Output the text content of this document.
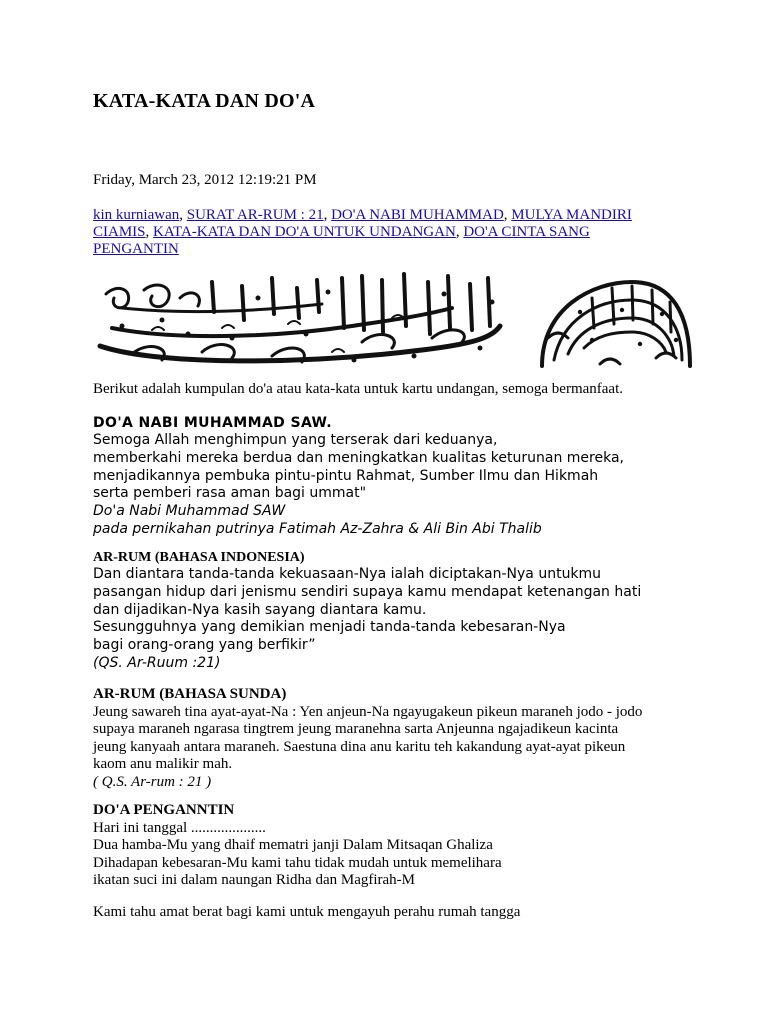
KATA-KATA DAN DO'A
Friday, March 23, 2012 12:19:21 PM
kin kurniawan, SURAT AR-RUM : 21, DO'A NABI MUHAMMAD, MULYA MANDIRI CIAMIS, KATA-KATA DAN DO'A UNTUK UNDANGAN, DO'A CINTA SANG PENGANTIN
Berikut adalah kumpulan do'a atau kata-kata untuk kartu undangan, semoga bermanfaat.
DO'A NABI MUHAMMAD SAW.
Semoga Allah menghimpun yang terserak dari keduanya,
memberkahi mereka berdua dan meningkatkan kualitas keturunan mereka,
menjadikannya pembuka pintu-pintu Rahmat, Sumber Ilmu dan Hikmah
serta pemberi rasa aman bagi ummat"
Do'a Nabi Muhammad SAW
pada pernikahan putrinya Fatimah Az-Zahra & Ali Bin Abi Thalib
AR-RUM (BAHASA INDONESIA)
Dan diantara tanda-tanda kekuasaan-Nya ialah diciptakan-Nya untukmu
pasangan hidup dari jenismu sendiri supaya kamu mendapat ketenangan hati
dan dijadikan-Nya kasih sayang diantara kamu.
Sesungguhnya yang demikian menjadi tanda-tanda kebesaran-Nya
bagi orang-orang yang berfikir”
(QS. Ar-Ruum :21)
AR-RUM (BAHASA SUNDA)
Jeung sawareh tina ayat-ayat-Na : Yen anjeun-Na ngayugakeun pikeun maraneh jodo - jodo
supaya maraneh ngarasa tingtrem jeung maranehna sarta Anjeunna ngajadikeun kacinta
jeung kanyaah antara maraneh. Saestuna dina anu karitu teh kakandung ayat-ayat pikeun
kaom anu malikir mah.
( Q.S. Ar-rum : 21 )
DO'A PENGANNTIN
Hari ini tanggal ....................
Dua hamba-Mu yang dhaif mematri janji Dalam Mitsaqan Ghaliza
Dihadapan kebesaran-Mu kami tahu tidak mudah untuk memelihara
ikatan suci ini dalam naungan Ridha dan Magfirah-M
Kami tahu amat berat bagi kami untuk mengayuh perahu rumah tangga
